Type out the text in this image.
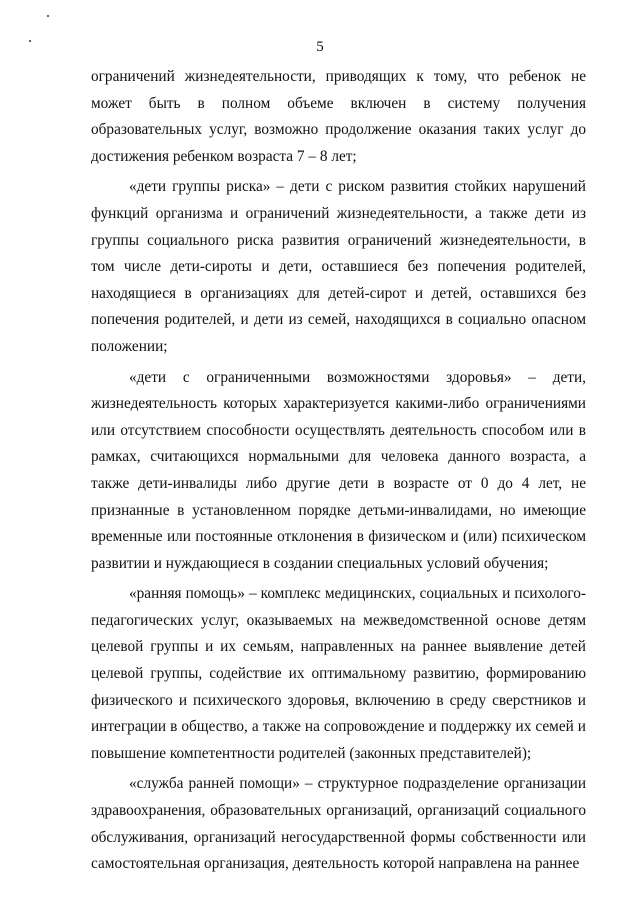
5

ограничений жизнедеятельности, приводящих к тому, что ребенок не может быть в полном объеме включен в систему получения образовательных услуг, возможно продолжение оказания таких услуг до достижения ребенком возраста 7 – 8 лет;

«дети группы риска» – дети с риском развития стойких нарушений функций организма и ограничений жизнедеятельности, а также дети из группы социального риска развития ограничений жизнедеятельности, в том числе дети-сироты и дети, оставшиеся без попечения родителей, находящиеся в организациях для детей-сирот и детей, оставшихся без попечения родителей, и дети из семей, находящихся в социально опасном положении;

«дети с ограниченными возможностями здоровья» – дети, жизнедеятельность которых характеризуется какими-либо ограничениями или отсутствием способности осуществлять деятельность способом или в рамках, считающихся нормальными для человека данного возраста, а также дети-инвалиды либо другие дети в возрасте от 0 до 4 лет, не признанные в установленном порядке детьми-инвалидами, но имеющие временные или постоянные отклонения в физическом и (или) психическом развитии и нуждающиеся в создании специальных условий обучения;

«ранняя помощь» – комплекс медицинских, социальных и психолого-педагогических услуг, оказываемых на межведомственной основе детям целевой группы и их семьям, направленных на раннее выявление детей целевой группы, содействие их оптимальному развитию, формированию физического и психического здоровья, включению в среду сверстников и интеграции в общество, а также на сопровождение и поддержку их семей и повышение компетентности родителей (законных представителей);

«служба ранней помощи» – структурное подразделение организации здравоохранения, образовательных организаций, организаций социального обслуживания, организаций негосударственной формы собственности или самостоятельная организация, деятельность которой направлена на раннее
